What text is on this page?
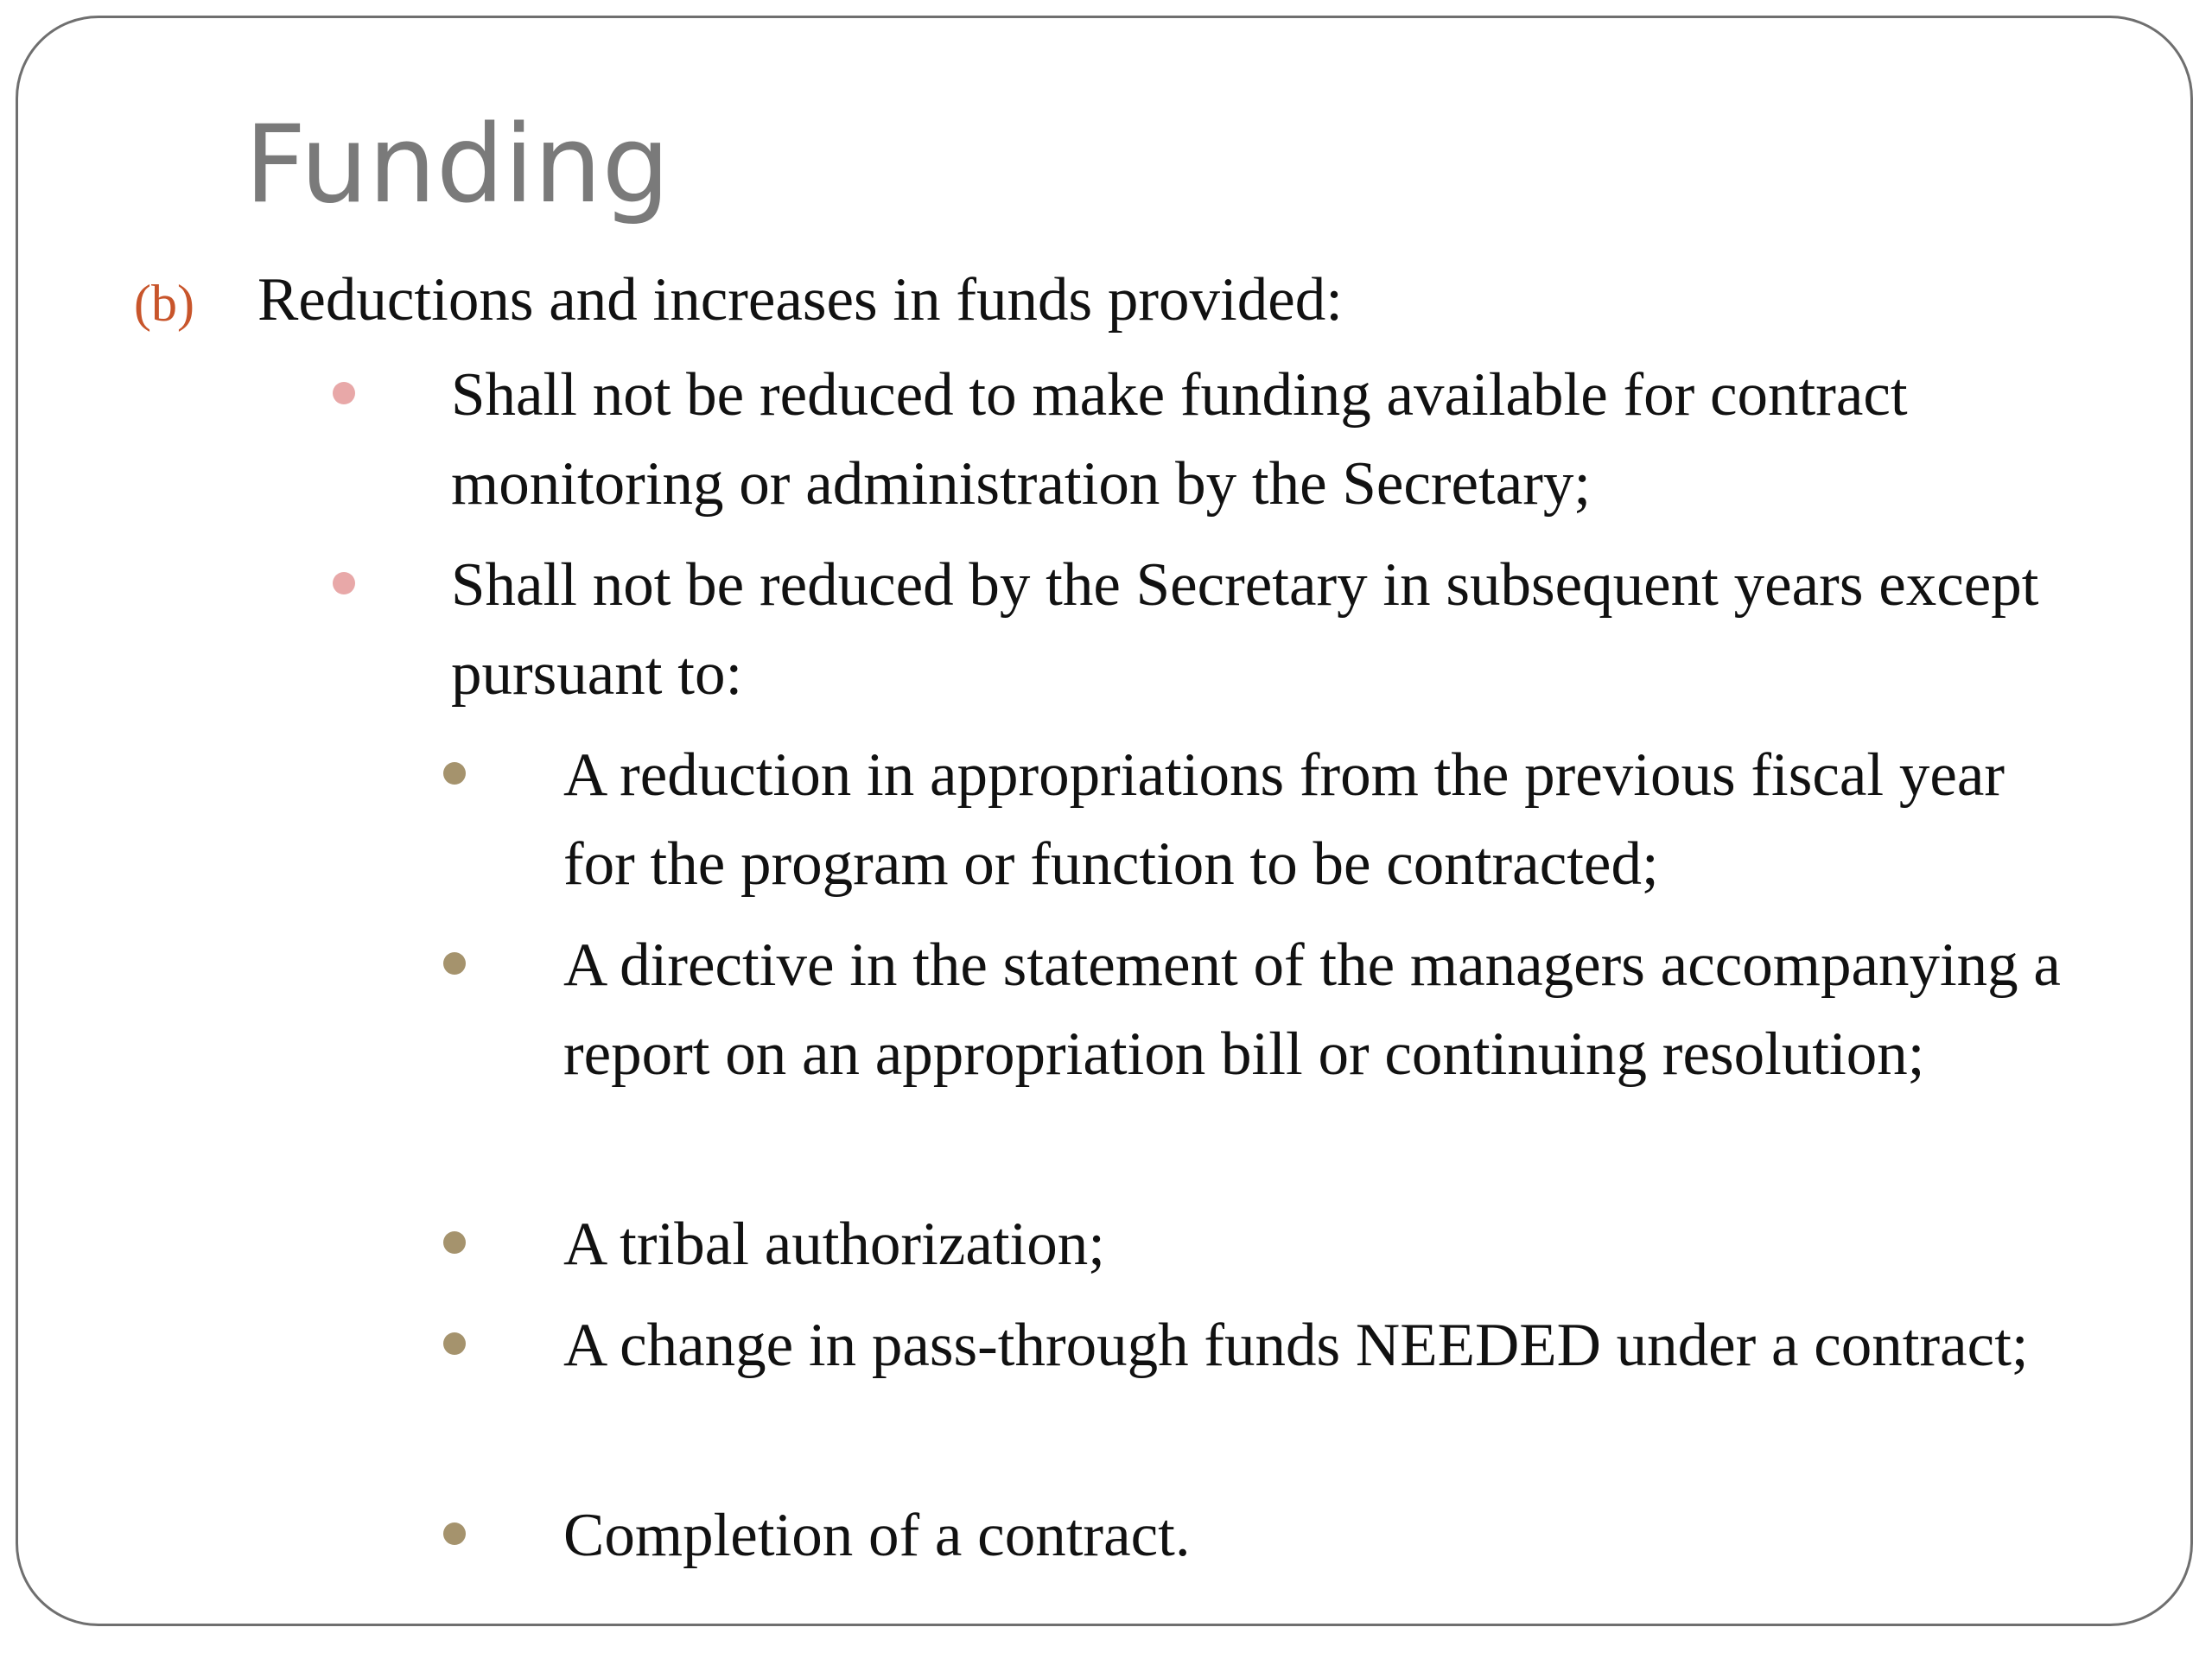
Funding
(b) Reductions and increases in funds provided:

Shall not be reduced to make funding available for contract monitoring or administration by the Secretary;

Shall not be reduced by the Secretary in subsequent years except pursuant to:

A reduction in appropriations from the previous fiscal year for the program or function to be contracted;

A directive in the statement of the managers accompanying a report on an appropriation bill or continuing resolution;

A tribal authorization;

A change in pass-through funds NEEDED under a contract;

Completion of a contract.
